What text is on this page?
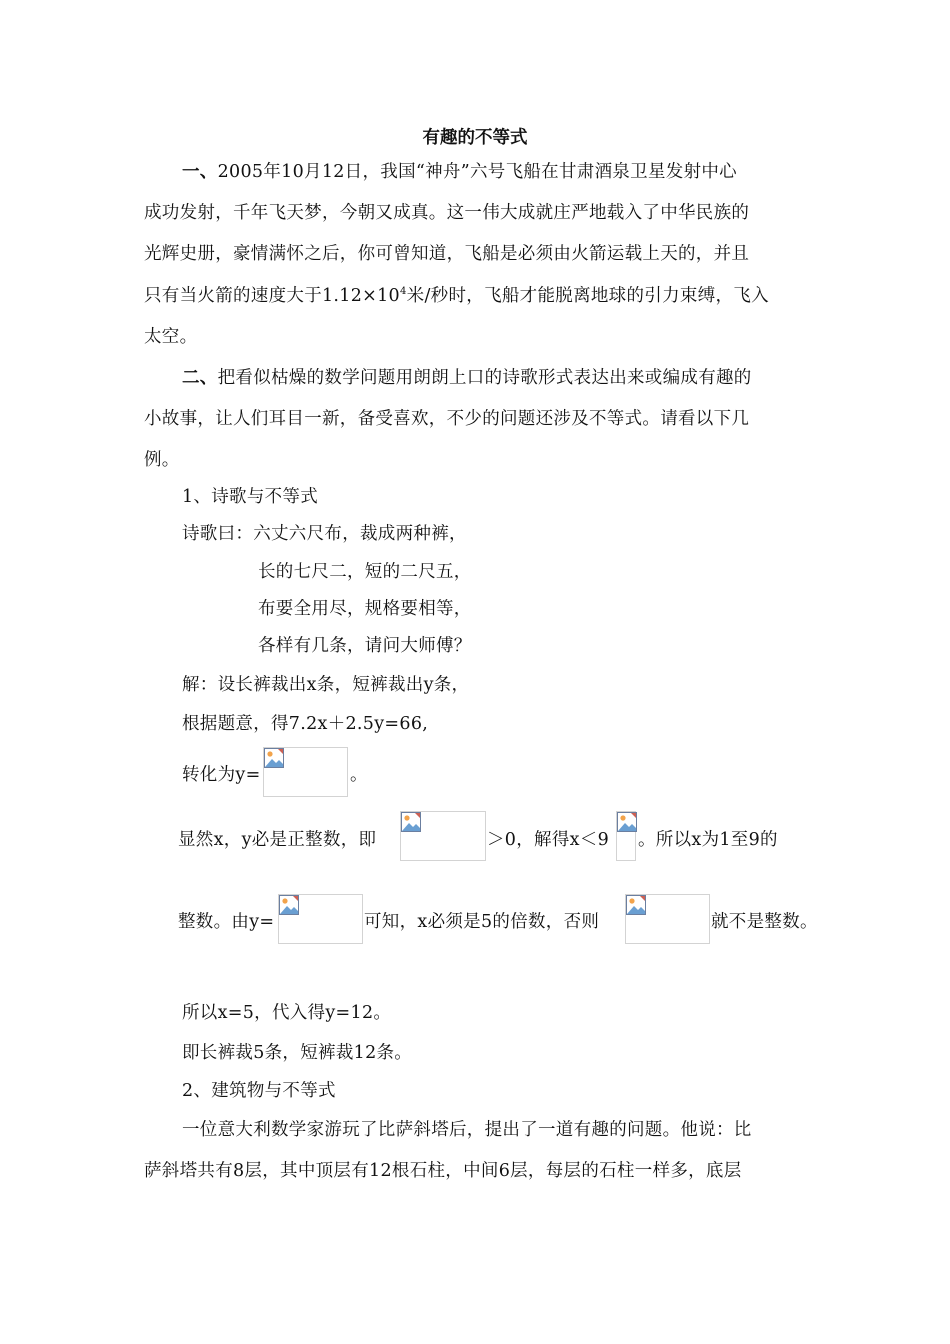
有趣的不等式
一、2005年10月12日，我国“神舟”六号飞船在甘肃酒泉卫星发射中心
成功发射，千年飞天梦，今朝又成真。这一伟大成就庄严地载入了中华民族的
光辉史册，豪情满怀之后，你可曾知道，飞船是必须由火箭运载上天的，并且
只有当火箭的速度大于$1.12\times 10^4$米/秒时，飞船才能脱离地球的引力束缚，飞入
太空。
二、把看似枯燥的数学问题用朗朗上口的诗歌形式表达出来或编成有趣的
小故事，让人们耳目一新，备受喜欢，不少的问题还涉及不等式。请看以下几
例。
1、诗歌与不等式
诗歌曰：六丈六尺布，裁成两种裤，
长的七尺二，短的二尺五，
布要全用尽，规格要相等，
各样有几条，请问大师傅？
解：设长裤裁出x条，短裤裁出y条，
根据题意，得7.2x＋2.5y=66,
转化为y=	。
显然x，y必是正整数，即	＞0，解得x＜9 。所以x为1至9的
整数。由y=	可知，x必须是5的倍数，否则	就不是整数。
所以x=5，代入得y=12。
即长裤裁5条，短裤裁12条。
2、建筑物与不等式
一位意大利数学家游玩了比萨斜塔后，提出了一道有趣的问题。他说：比
萨斜塔共有8层，其中顶层有12根石柱，中间6层，每层的石柱一样多，底层
